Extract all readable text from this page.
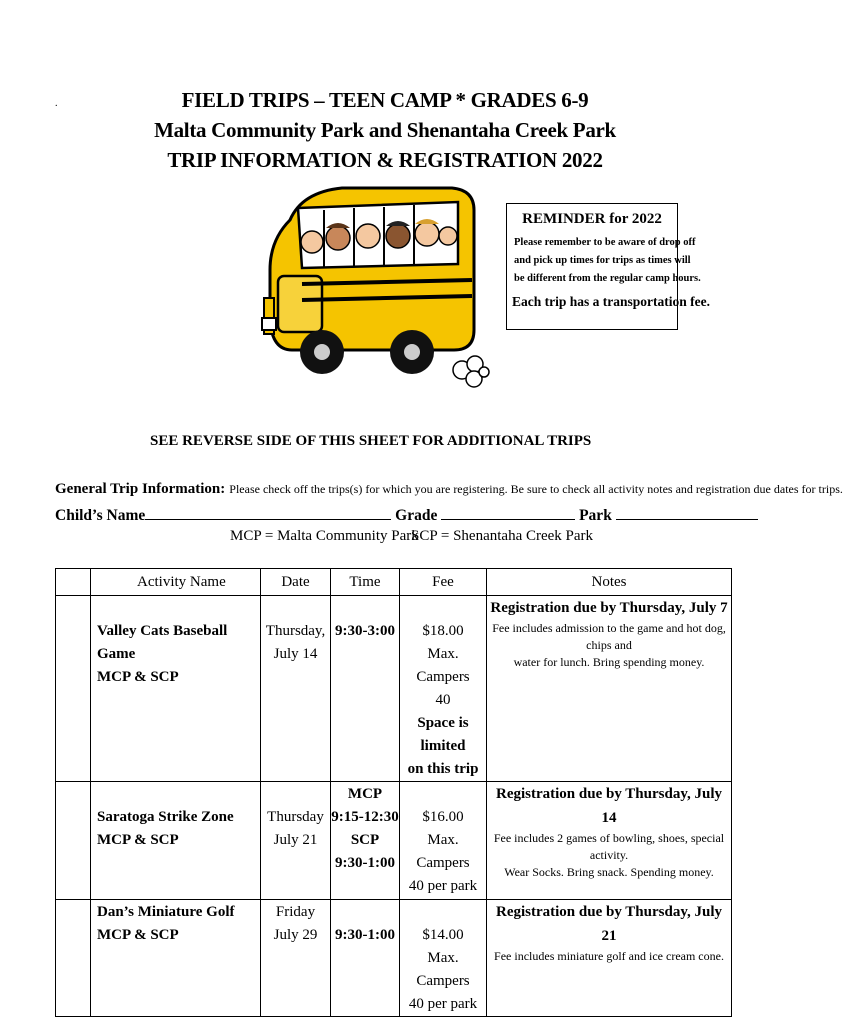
.	FIELD TRIPS – TEEN CAMP * GRADES 6-9
Malta Community Park and Shenantaha Creek Park
TRIP INFORMATION & REGISTRATION 2022
REMINDER for 2022
Please remember to be aware of drop off
and pick up times for trips as times will
be different from the regular camp hours.
Each trip has a transportation fee.
SEE REVERSE SIDE OF THIS SHEET FOR ADDITIONAL TRIPS
General Trip Information: Please check off the trips(s) for which you are registering. Be sure to check all activity notes and registration due dates for trips.
Child’s Name	Grade	Park
MCP = Malta Community Park
SCP = Shenantaha Creek Park
	Activity Name	Date	Time	Fee	Notes

	Valley Cats Baseball Game
MCP & SCP	Thursday,
July 14	9:30-3:00	$18.00
Max. Campers
40
Space is limited
on this trip	Registration due by Thursday, July 7
Fee includes admission to the game and hot dog, chips and
water for lunch. Bring spending money.

	Saratoga Strike Zone
MCP & SCP	Thursday
July 21	MCP
9:15-12:30
SCP
9:30-1:00	$16.00
Max. Campers
40 per park	Registration due by Thursday, July 14
Fee includes 2 games of bowling, shoes, special activity.
Wear Socks. Bring snack. Spending money.

	Dan’s Miniature Golf
MCP & SCP	Friday
July 29	9:30-1:00	$14.00
Max. Campers
40 per park	Registration due by Thursday, July 21
Fee includes miniature golf and ice cream cone.
